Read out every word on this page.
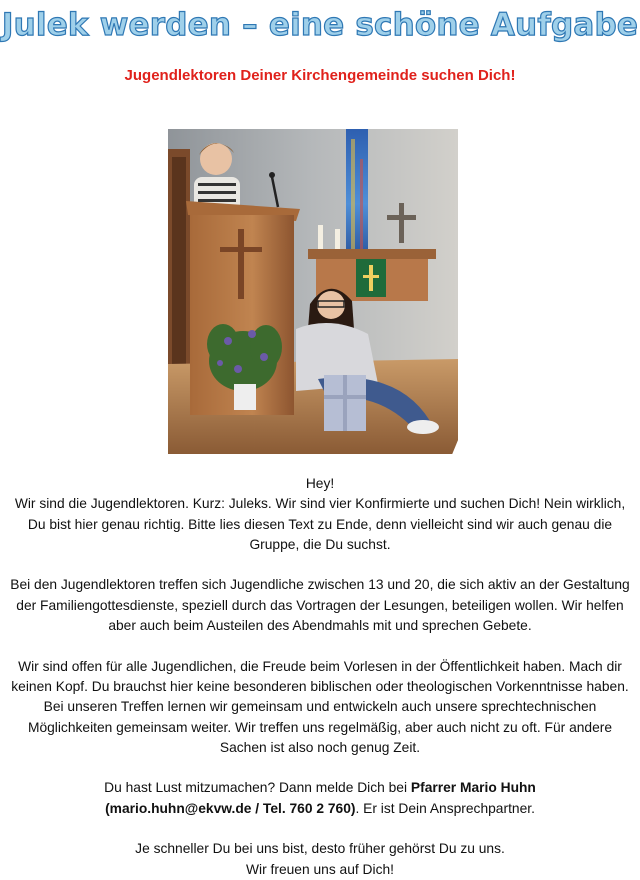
Julek werden – eine schöne Aufgabe
Jugendlektoren Deiner Kirchengemeinde suchen Dich!

Hey!

Wir sind die Jugendlektoren. Kurz: Juleks. Wir sind vier Konfirmierte und suchen Dich! Nein wirklich, Du bist hier genau richtig. Bitte lies diesen Text zu Ende, denn vielleicht sind wir auch genau die Gruppe, die Du suchst.

Bei den Jugendlektoren treffen sich Jugendliche zwischen 13 und 20, die sich aktiv an der Gestaltung der Familiengottesdienste, speziell durch das Vortragen der Lesungen, beteiligen wollen. Wir helfen aber auch beim Austeilen des Abendmahls mit und sprechen Gebete.

Wir sind offen für alle Jugendlichen, die Freude beim Vorlesen in der Öffentlichkeit haben. Mach dir keinen Kopf. Du brauchst hier keine besonderen biblischen oder theologischen Vorkenntnisse haben. Bei unseren Treffen lernen wir gemeinsam und entwickeln auch unsere sprechtechnischen Möglichkeiten gemeinsam weiter. Wir treffen uns regelmäßig, aber auch nicht zu oft. Für andere Sachen ist also noch genug Zeit.

Du hast Lust mitzumachen? Dann melde Dich bei Pfarrer Mario Huhn
(mario.huhn@ekvw.de / Tel. 760 2 760). Er ist Dein Ansprechpartner.

Je schneller Du bei uns bist, desto früher gehörst Du zu uns.

Wir freuen uns auf Dich!
